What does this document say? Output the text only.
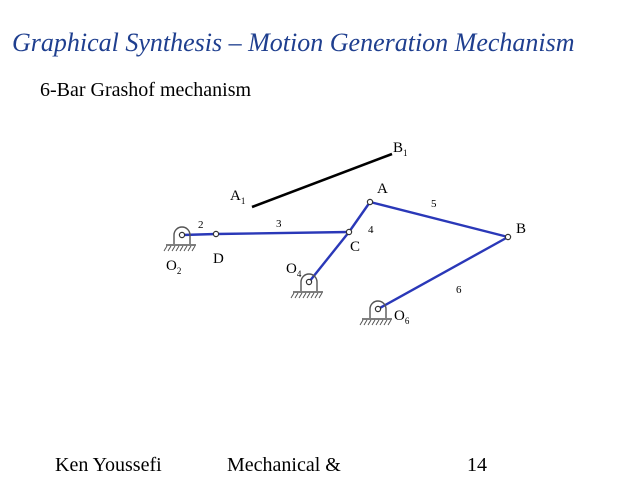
Graphical Synthesis – Motion Generation Mechanism
6-Bar Grashof mechanism
$B_1$
$A_1$
A
B
C
D
$O_2$	$O_4$
$O_6$
2	3	4
5
6
Ken Youssefi	Mechanical &	14
